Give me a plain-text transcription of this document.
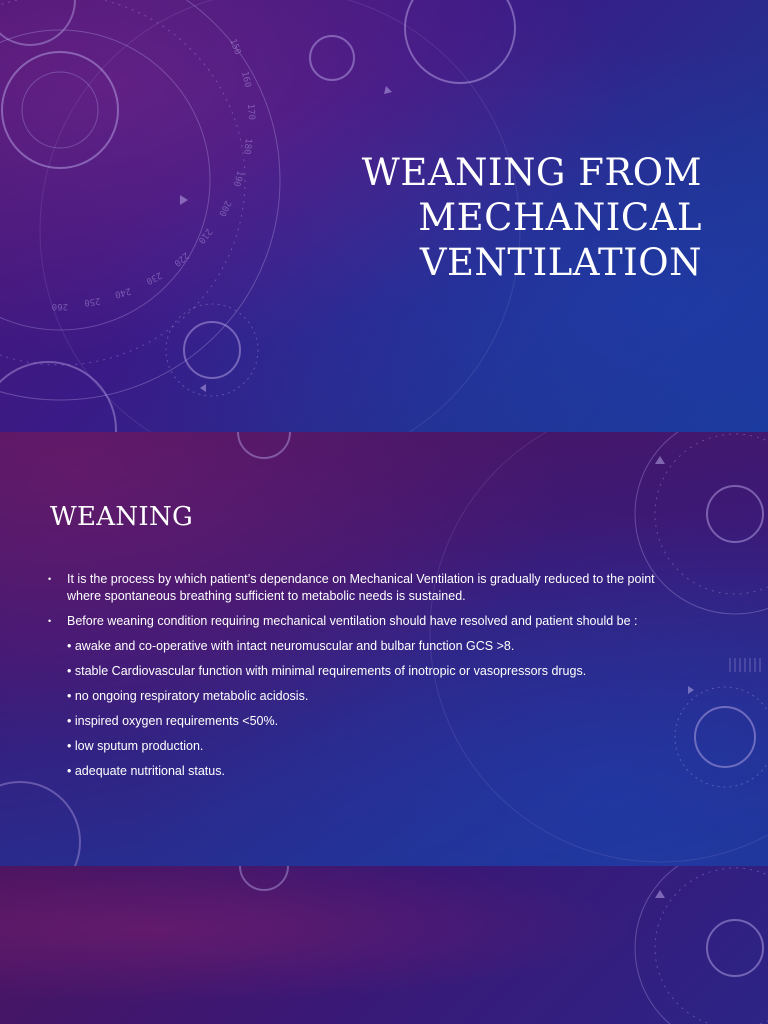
150
160
170
180
190
200
210
220
230
240
250
260
WEANING FROM
MECHANICAL
VENTILATION
WEANING
• It is the process by which patient’s dependance on Mechanical Ventilation is gradually reduced to the point where spontaneous breathing sufficient to metabolic needs is sustained.
• Before weaning condition requiring mechanical ventilation should have resolved and patient should be :
• awake and co-operative with intact neuromuscular and bulbar function GCS >8.
• stable Cardiovascular function with minimal requirements of inotropic or vasopressors drugs.
• no ongoing respiratory metabolic acidosis.
• inspired oxygen requirements <50%.
• low sputum production.
• adequate nutritional status.
